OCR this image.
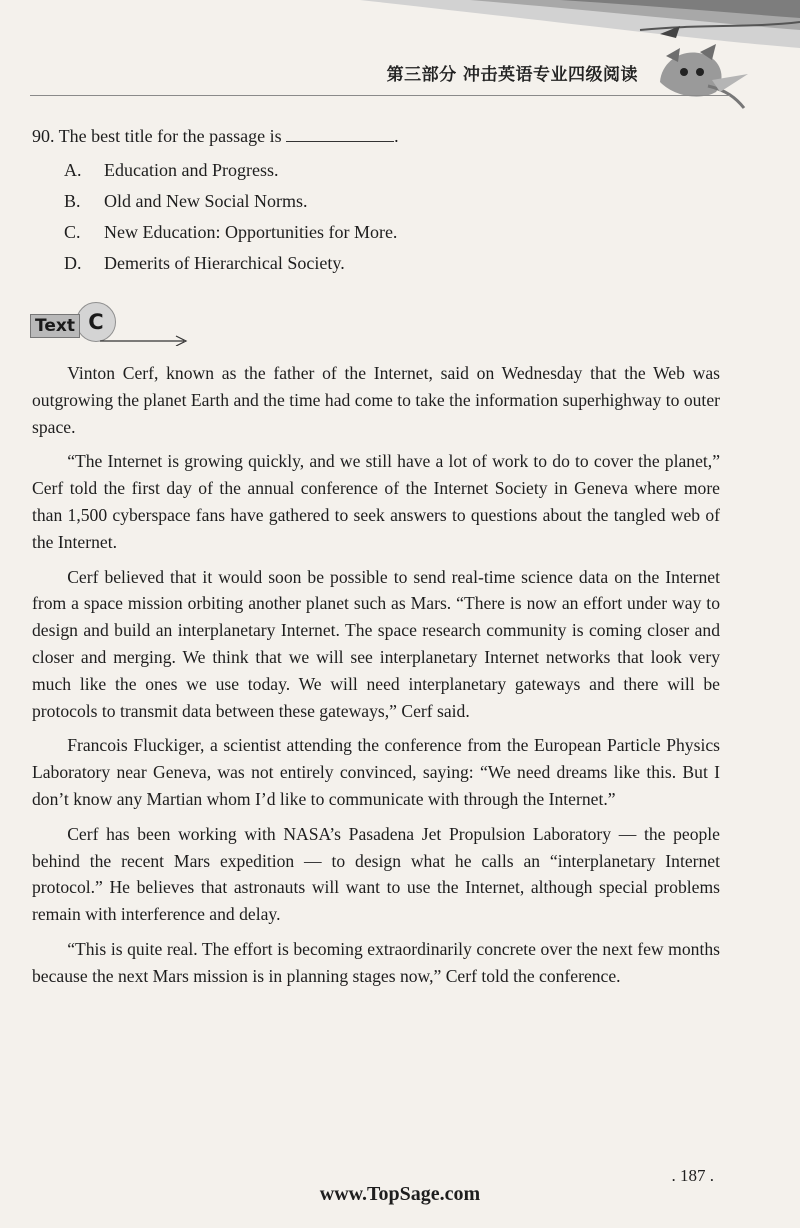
第三部分 冲击英语专业四级阅读

90. The best title for the passage is	.

A. Education and Progress.
B. Old and New Social Norms.
C. New Education: Opportunities for More.
D. Demerits of Hierarchical Society.
C
Text

Vinton Cerf, known as the father of the Internet, said on Wednesday that the Web was outgrowing the planet Earth and the time had come to take the information superhighway to outer space.

“The Internet is growing quickly, and we still have a lot of work to do to cover the planet,” Cerf told the first day of the annual conference of the Internet Society in Geneva where more than 1,500 cyberspace fans have gathered to seek answers to questions about the tangled web of the Internet.

Cerf believed that it would soon be possible to send real-time science data on the Internet from a space mission orbiting another planet such as Mars. “There is now an effort under way to design and build an interplanetary Internet. The space research community is coming closer and closer and merging. We think that we will see interplanetary Internet networks that look very much like the ones we use today. We will need interplanetary gateways and there will be protocols to transmit data between these gateways,” Cerf said.

Francois Fluckiger, a scientist attending the conference from the European Particle Physics Laboratory near Geneva, was not entirely convinced, saying: “We need dreams like this. But I don’t know any Martian whom I’d like to communicate with through the Internet.”

Cerf has been working with NASA’s Pasadena Jet Propulsion Laboratory — the people behind the recent Mars expedition — to design what he calls an “interplanetary Internet protocol.” He believes that astronauts will want to use the Internet, although special problems remain with interference and delay.

“This is quite real. The effort is becoming extraordinarily concrete over the next few months because the next Mars mission is in planning stages now,” Cerf told the conference.

. 187 .

www.TopSage.com
